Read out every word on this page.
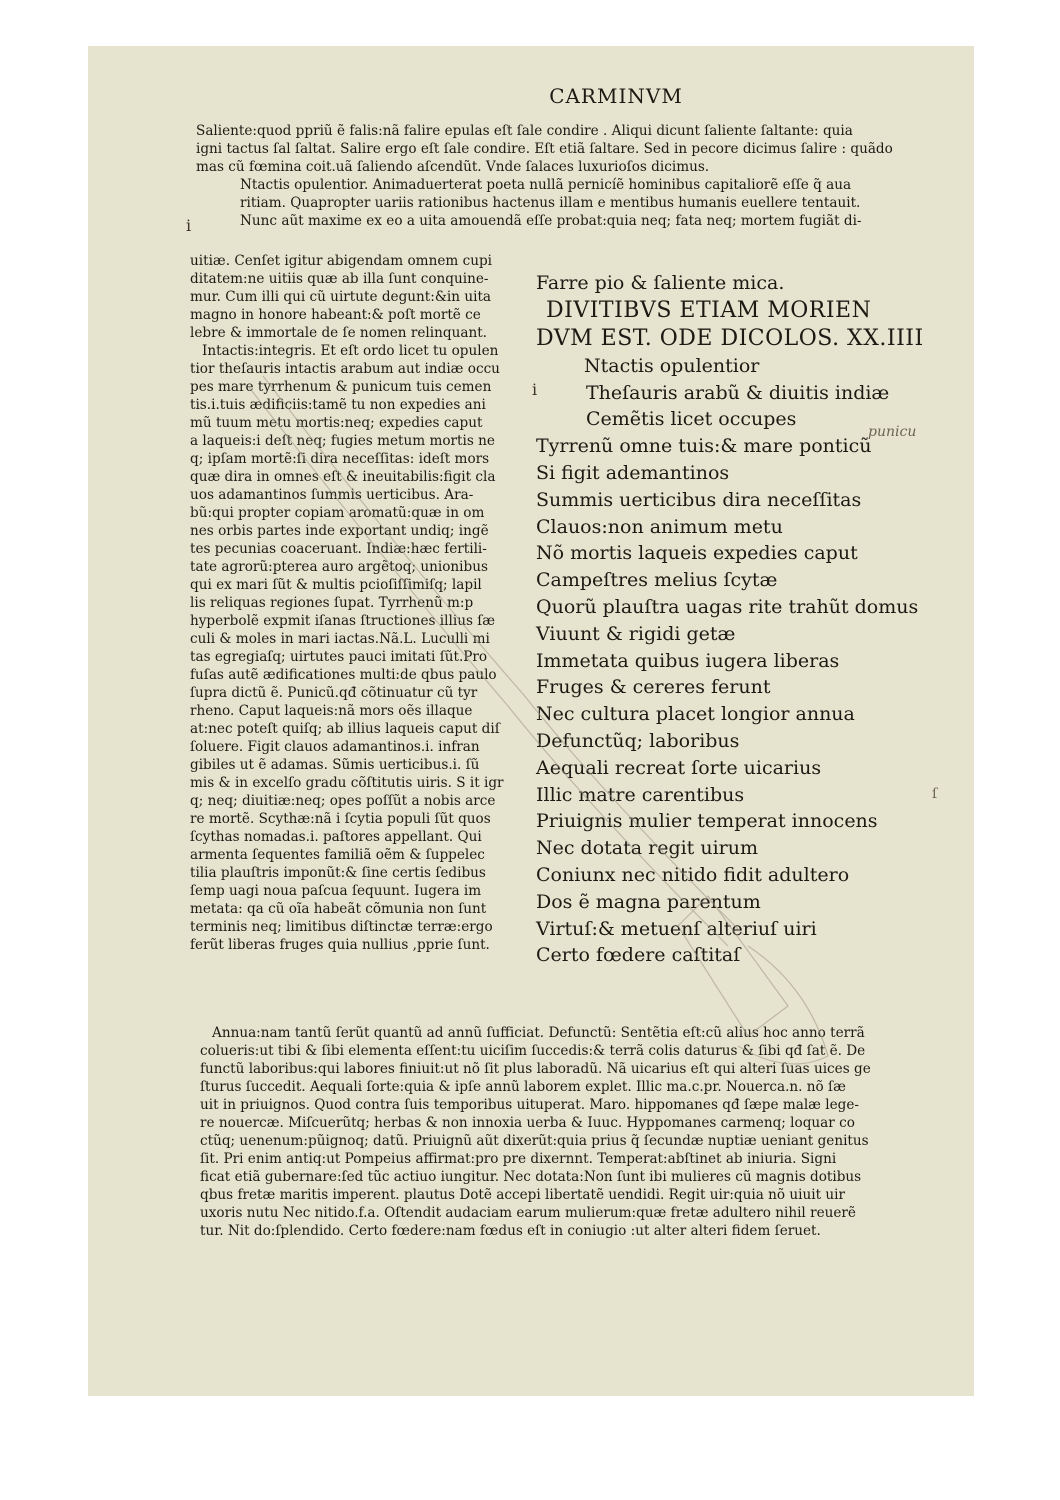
CARMINVM
Saliente:quod ppriũ ẽ falis:nã falire epulas eſt ſale condire . Aliqui dicunt ſaliente ſaltante: quia
igni tactus ſal ſaltat. Salire ergo eſt ſale condire. Eſt etiã ſaltare. Sed in pecore dicimus ſalire : quãdo
mas cũ fœmina coit.uã ſaliendo aſcendũt. Vnde ſalaces luxurioſos dicimus.
Ntactis opulentior. Animaduerterat poeta nullã pernicíẽ hominibus capitaliorẽ eſſe q̃ aua
ritiam. Quapropter uariis rationibus hactenus illam e mentibus humanis euellere tentauit.
Nunc aũt maxime ex eo a uita amouendã eſſe probat:quia neq; fata neq; mortem fugiãt di-
i
uitiæ. Cenſet igitur abigendam omnem cupi
ditatem:ne uitiis quæ ab illa ſunt conquine-
mur. Cum illi qui cũ uirtute degunt:&in uita
magno in honore habeant:& poſt mortẽ ce
lebre & immortale de ſe nomen relinquant.
Intactis:integris. Et eſt ordo licet tu opulen
tior theſauris intactis arabum aut indiæ occu
pes mare tyrrhenum & punicum tuis cemen
tis.i.tuis ædificiis:tamẽ tu non expedies ani
mũ tuum metu mortis:neq; expedies caput
a laqueis:i deſt neq; fugies metum mortis ne
q; ipſam mortẽ:ſi dira neceſſitas: ideſt mors
quæ dira in omnes eſt & ineuitabilis:figit cla
uos adamantinos ſummis uerticibus. Ara-
bũ:qui propter copiam aromatũ:quæ in om
nes orbis partes inde exportant undiq; ingẽ
tes pecunias coaceruant. Indiæ:hæc fertili-
tate agrorũ:pterea auro argẽtoq; unionibus
qui ex mari ſũt & multis pcioſiſſimiſq; lapil
lis reliquas regiones ſupat. Tyrrhenũ m:p
hyperbolẽ expmit iſanas ſtructiones illius ſæ
culi & moles in mari iactas.Nã.L. Luculli mi
tas egregiaſq; uirtutes pauci imitati ſũt.Pro
fuſas autẽ ædificationes multi:de qbus paulo
ſupra dictũ ẽ. Punicũ.qđ cõtinuatur cũ tyr
rheno. Caput laqueis:nã mors oẽs illaque
at:nec poteſt quiſq; ab illius laqueis caput diſ
ſoluere. Figit clauos adamantinos.i. infran
gibiles ut ẽ adamas. Sũmis uerticibus.i. ſũ
mis & in excelſo gradu cõſtitutis uiris. S it igr
q; neq; diuitiæ:neq; opes poſſũt a nobis arce
re mortẽ. Scythæ:nã i ſcytia populi ſũt quos
ſcythas nomadas.i. paſtores appellant. Qui
armenta ſequentes familiã oẽm & ſuppelec
tilia plauſtris imponũt:& ſine certis ſedibus
ſemp uagi noua paſcua ſequunt. Iugera im
metata: qa cũ oĩa habeãt cõmunia non ſunt
terminis neq; limitibus diſtinctæ terræ:ergo
ferũt liberas fruges quia nullius ,pprie ſunt.
Farre pio & ſaliente mica.
DIVITIBVS ETIAM MORIEN
DVM EST. ODE DICOLOS. XX.IIII
Ntactis opulentior
Theſauris arabũ & diuitis indiæ
Cemẽtis licet occupes
Tyrrenũ omne tuis:& mare ponticũ
Si figit ademantinos
Summis uerticibus dira neceſſitas
Clauos:non animum metu
Nõ mortis laqueis expedies caput
Campeſtres melius ſcytæ
Quorũ plauſtra uagas rite trahũt domus
Viuunt & rigidi getæ
Immetata quibus iugera liberas
Fruges & cereres ferunt
Nec cultura placet longior annua
Defunctũq; laboribus
Aequali recreat ſorte uicarius
Illic matre carentibus
Priuignis mulier temperat innocens
Nec dotata regit uirum
Coniunx nec nitido fidit adultero
Dos ẽ magna parentum
Virtuſ:& metuenſ alteriuſ uiri
Certo fœdere caſtitaſ
i
punicu
ſ
Annua:nam tantũ ſerũt quantũ ad annũ ſufficiat. Defunctũ: Sentẽtia eſt:cũ alius hoc anno terrã
colueris:ut tibi & ſibi elementa eſſent:tu uiciſim ſuccedis:& terrã colis daturus & ſibi qđ ſat ẽ. De
functũ laboribus:qui labores finiuit:ut nõ ſit plus laboradũ. Nã uicarius eſt qui alteri ſuas uices ge
ſturus ſuccedit. Aequali ſorte:quia & ipſe annũ laborem explet. Illic ma.c.pr. Nouerca.n. nõ ſæ
uit in priuignos. Quod contra ſuis temporibus uituperat. Maro. hippomanes qđ ſæpe malæ lege-
re nouercæ. Miſcuerũtq; herbas & non innoxia uerba & Iuuc. Hyppomanes carmenq; loquar co
ctũq; uenenum:pũignoq; datũ. Priuignũ aũt dixerũt:quia prius q̃ ſecundæ nuptiæ ueniant genitus
ſit. Pri enim antiq:ut Pompeius affirmat:pro pre dixernnt. Temperat:abſtinet ab iniuria. Signi
ficat etiã gubernare:ſed tũc actiuo iungitur. Nec dotata:Non ſunt ibi mulieres cũ magnis dotibus
qbus fretæ maritis imperent. plautus Dotẽ accepi libertatẽ uendidi. Regit uir:quia nõ uiuit uir
uxoris nutu Nec nitido.f.a. Oſtendit audaciam earum mulierum:quæ fretæ adultero nihil reuerẽ
tur. Nit do:ſplendido. Certo fœdere:nam fœdus eſt in coniugio :ut alter alteri fidem ſeruet.
